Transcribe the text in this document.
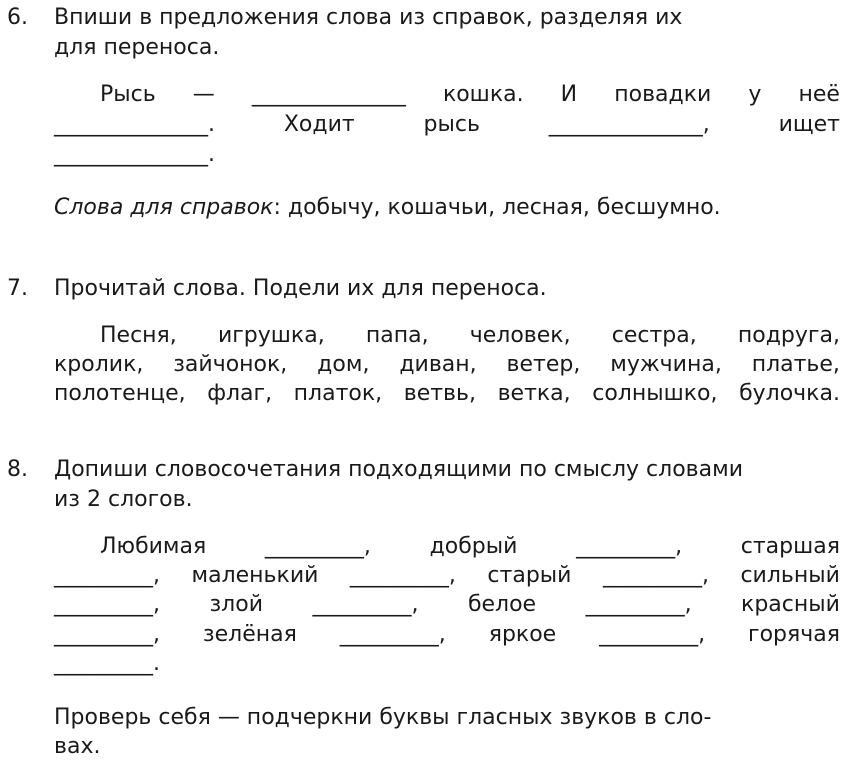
6. Впиши в предложения слова из справок, разделяя их
для переноса.
Рысь — ______________ кошка. И повадки у неё
______________.	Ходит	рысь	______________,	ищет
______________.
Слова для справок: добычу, кошачьи, лесная, бесшумно.
7. Прочитай слова. Подели их для переноса.
Песня, игрушка, папа, человек, сестра, подруга,
кролик, зайчонок, дом, диван, ветер, мужчина, платье,
полотенце, флаг, платок, ветвь, ветка, солнышко, булочка.
8. Допиши словосочетания подходящими по смыслу словами
из 2 слогов.
Любимая	_________,	добрый	_________,	старшая
_________, маленький _________, старый _________, сильный
_________, злой _________, белое _________, красный
_________, зелёная _________, яркое _________, горячая
_________.
Проверь себя — подчеркни буквы гласных звуков в сло-
вах.
